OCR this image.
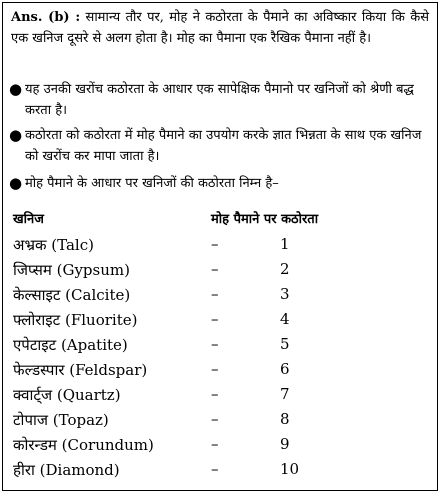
Ans. (b) : सामान्य तौर पर, मोह ने कठोरता के पैमाने का अविष्कार किया कि कैसे एक खनिज दूसरे से अलग होता है। मोह का पैमाना एक रैखिक पैमाना नहीं है।
● यह उनकी खरोंच कठोरता के आधार एक सापेक्षिक पैमानो पर खनिजों को श्रेणी बद्ध करता है।
● कठोरता को कठोरता में मोह पैमाने का उपयोग करके ज्ञात भिन्नता के साथ एक खनिज को खरोंच कर मापा जाता है।
● मोह पैमाने के आधार पर खनिजों की कठोरता निम्न है–
खनिज	मोह पैमाने पर कठोरता
अभ्रक (Talc)	–	1
जिप्सम (Gypsum)	–	2
केल्साइट (Calcite)	–	3
फ्लोराइट (Fluorite)	–	4
एपेटाइट (Apatite)	–	5
फेल्डस्पार (Feldspar)	–	6
क्वार्ट्ज (Quartz)	–	7
टोपाज (Topaz)	–	8
कोरन्डम (Corundum)	–	9
हीरा (Diamond)	–	10
